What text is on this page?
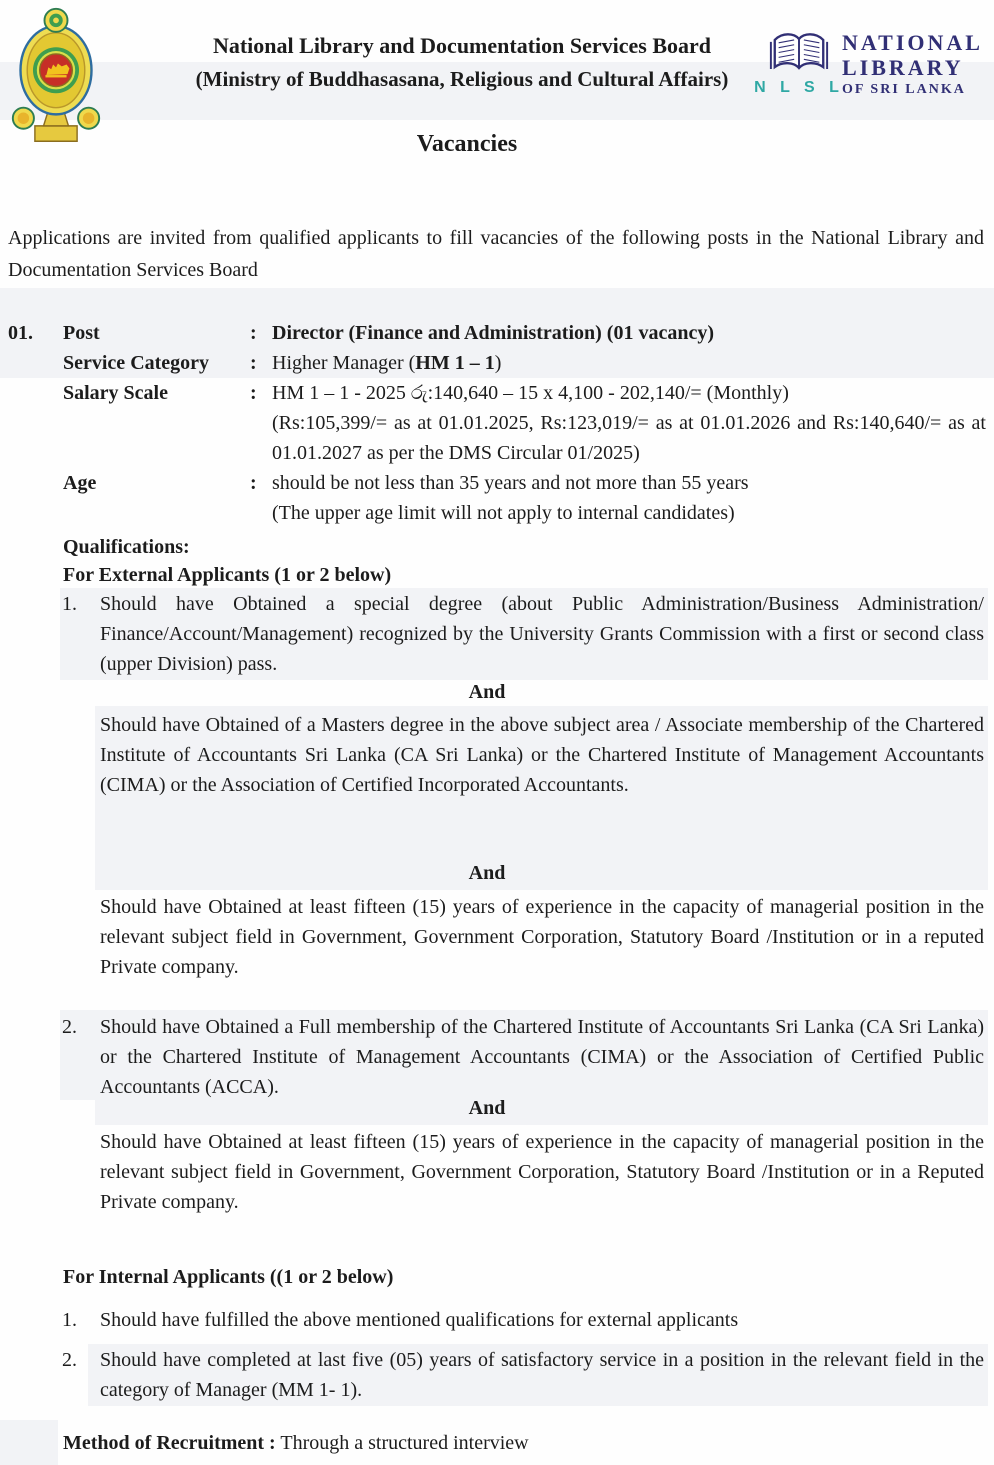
National Library and Documentation Services Board
(Ministry of Buddhasasana, Religious and Cultural Affairs)	N L S L
NATIONAL
LIBRARY
OF SRI LANKA
Vacancies
Applications are invited from qualified applicants to fill vacancies of the following posts in the National Library and Documentation Services Board
01.	Post	: Director (Finance and Administration) (01 vacancy)
Service Category	: Higher Manager (HM 1 – 1)
Salary Scale	: HM 1 – 1 - 2025 රු:140,640 – 15 x 4,100 - 202,140/= (Monthly)
(Rs:105,399/= as at 01.01.2025, Rs:123,019/= as at 01.01.2026 and Rs:140,640/= as at 01.01.2027 as per the DMS Circular 01/2025)
Age	: should be not less than 35 years and not more than 55 years
(The upper age limit will not apply to internal candidates)
Qualifications:
For External Applicants (1 or 2 below)
1.	Should have Obtained a special degree (about Public Administration/Business Administration/ Finance/Account/Management) recognized by the University Grants Commission with a first or second class (upper Division) pass.
And
Should have Obtained of a Masters degree in the above subject area / Associate membership of the Chartered Institute of Accountants Sri Lanka (CA Sri Lanka) or the Chartered Institute of Management Accountants (CIMA) or the Association of Certified Incorporated Accountants.
And
Should have Obtained at least fifteen (15) years of experience in the capacity of managerial position in the relevant subject field in Government, Government Corporation, Statutory Board /Institution or in a reputed Private company.
2.	Should have Obtained a Full membership of the Chartered Institute of Accountants Sri Lanka (CA Sri Lanka) or the Chartered Institute of Management Accountants (CIMA) or the Association of Certified Public Accountants (ACCA).
And
Should have Obtained at least fifteen (15) years of experience in the capacity of managerial position in the relevant subject field in Government, Government Corporation, Statutory Board /Institution or in a Reputed Private company.
For Internal Applicants ((1 or 2 below)
1.	Should have fulfilled the above mentioned qualifications for external applicants
2.	Should have completed at last five (05) years of satisfactory service in a position in the relevant field in the category of Manager (MM 1- 1).
Method of Recruitment : Through a structured interview
